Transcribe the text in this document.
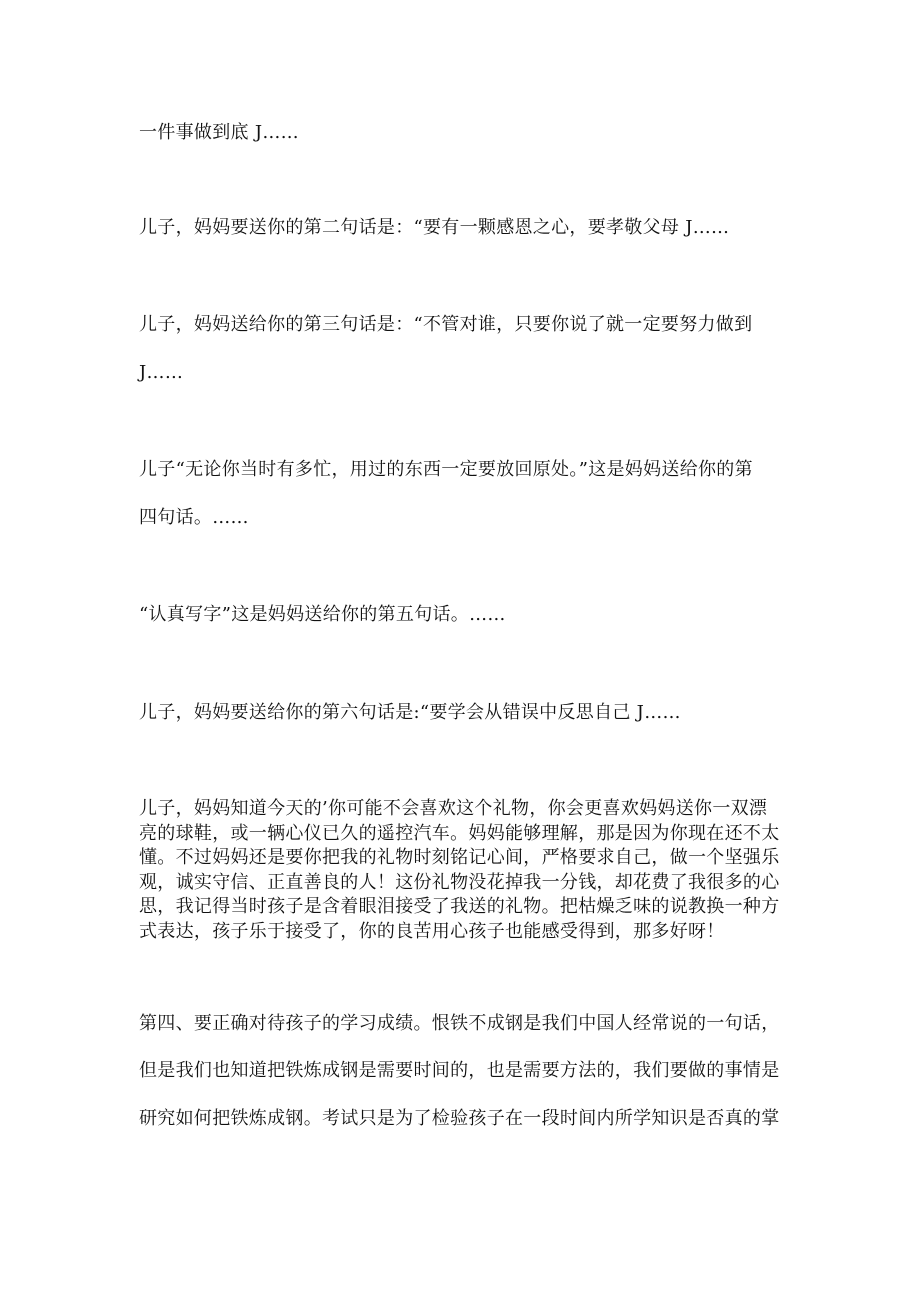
一件事做到底 J……
儿子，妈妈要送你的第二句话是：“要有一颗感恩之心，要孝敬父母 J……
儿子，妈妈送给你的第三句话是：“不管对谁，只要你说了就一定要努力做到
J……
儿子“无论你当时有多忙，用过的东西一定要放回原处。”这是妈妈送给你的第
四句话。……
“认真写字”这是妈妈送给你的第五句话。……
儿子，妈妈要送给你的第六句话是:“要学会从错误中反思自己 J……
儿子，妈妈知道今天的’你可能不会喜欢这个礼物，你会更喜欢妈妈送你一双漂
亮的球鞋，或一辆心仪已久的遥控汽车。妈妈能够理解，那是因为你现在还不太
懂。不过妈妈还是要你把我的礼物时刻铭记心间，严格要求自己，做一个坚强乐
观，诚实守信、正直善良的人！这份礼物没花掉我一分钱，却花费了我很多的心
思，我记得当时孩子是含着眼泪接受了我送的礼物。把枯燥乏味的说教换一种方
式表达，孩子乐于接受了，你的良苦用心孩子也能感受得到，那多好呀！
第四、要正确对待孩子的学习成绩。恨铁不成钢是我们中国人经常说的一句话，
但是我们也知道把铁炼成钢是需要时间的，也是需要方法的，我们要做的事情是
研究如何把铁炼成钢。考试只是为了检验孩子在一段时间内所学知识是否真的掌
